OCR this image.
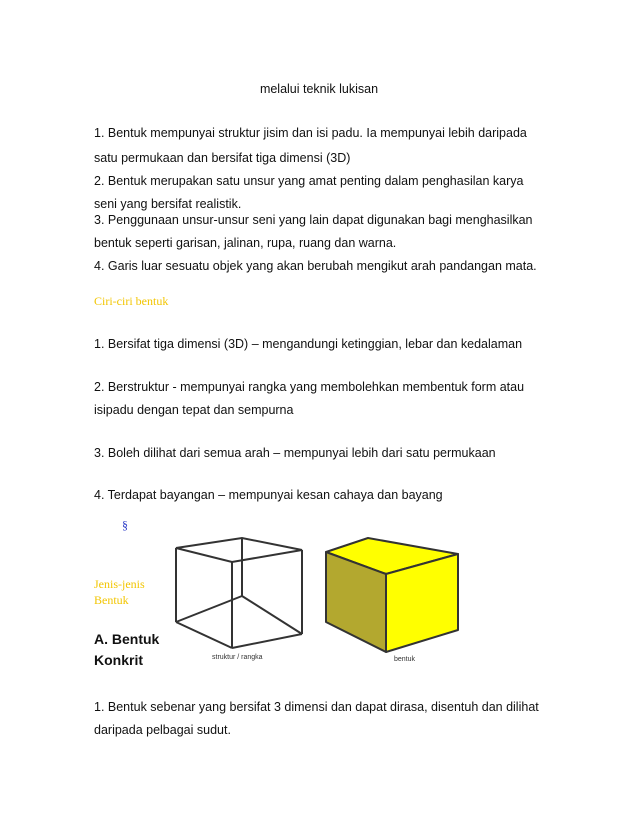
melalui teknik lukisan
1. Bentuk mempunyai struktur jisim dan isi padu. Ia mempunyai lebih daripada
satu permukaan dan bersifat tiga dimensi (3D)
2. Bentuk merupakan satu unsur yang amat penting dalam penghasilan karya
seni yang bersifat realistik.
3. Penggunaan unsur-unsur seni yang lain dapat digunakan bagi menghasilkan
bentuk seperti garisan, jalinan, rupa, ruang dan warna.
4. Garis luar sesuatu objek yang akan berubah mengikut arah pandangan mata.
Ciri-ciri bentuk
1. Bersifat tiga dimensi (3D) – mengandungi ketinggian, lebar dan kedalaman
2. Berstruktur - mempunyai rangka yang membolehkan membentuk form atau
isipadu dengan tepat dan sempurna
3. Boleh dilihat dari semua arah – mempunyai lebih dari satu permukaan
4. Terdapat bayangan – mempunyai kesan cahaya dan bayang
§
Jenis-jenis
Bentuk
struktur / rangka	bentuk
A. Bentuk
Konkrit
1. Bentuk sebenar yang bersifat 3 dimensi dan dapat dirasa, disentuh dan dilihat
daripada pelbagai sudut.
